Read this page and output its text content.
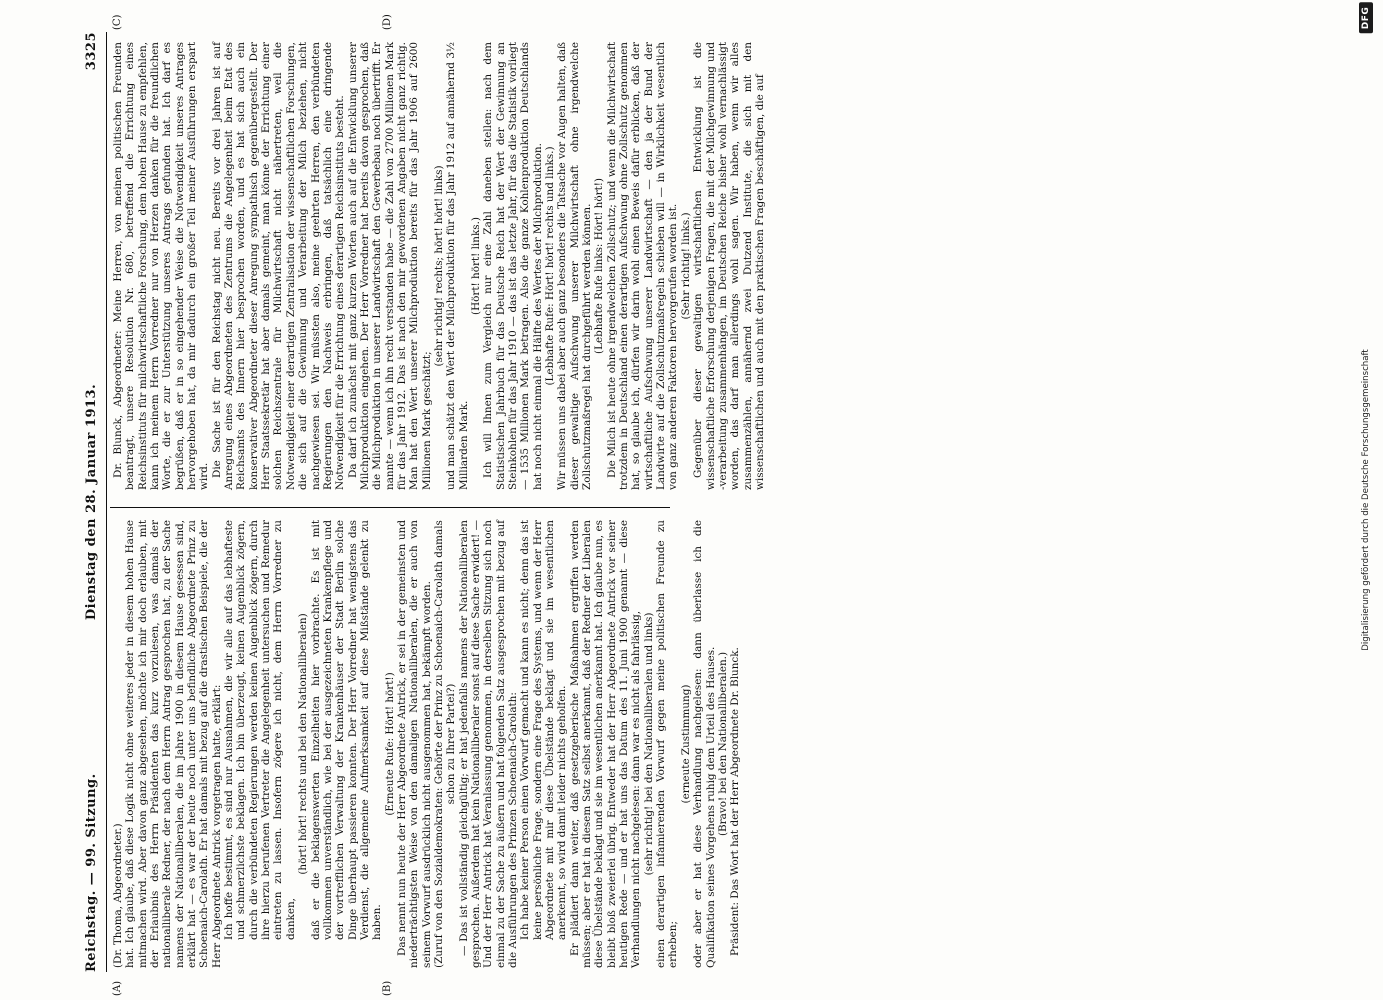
DFG
Digitalisierung gefördert durch die Deutsche Forschungsgemeinschaft
Reichstag. — 99. Sitzung.
Dienstag den 28. Januar 1913.
3325
(A)	(B)
(C)	(D)

(Dr. Thoma, Abgeordneter.) hat. Ich glaube, daß diese Logik nicht ohne weiteres jeder in diesem hohen Hause mitmachen wird. Aber davon ganz abgesehen, möchte ich mir doch erlauben, mit der Erlaubnis des Herrn Präsidenten das kurz vorzulesen, was damals der nationalliberale Redner, der nach dem Herrn Antrag gesprochen hat, zu der Sache namens der Nationalliberalen, die im Jahre 1900 in diesem Hause gesessen sind, erklärt hat — es war der heute noch unter uns befindliche Abgeordnete Prinz zu Schoenaich-Carolath. Er hat damals mit bezug auf die drastischen Beispiele, die der Herr Abgeordnete Antrick vorgetragen hatte, erklärt: Ich hoffe bestimmt, es sind nur Ausnahmen, die wir alle auf das lebhafteste und schmerzlichste beklagen. Ich bin überzeugt, keinen Augenblick zögern, durch die verbündeten Regierungen werden keinen Augenblick zögern, durch ihre hierzu berufenen Vertreter die Angelegenheit untersuchen und Remedur eintreten zu lassen. Insofern zögere ich nicht, dem Herrn Vorredner zu danken,

(hört! hört! rechts und bei den Nationalliberalen) daß er die beklagenswerten Einzelheiten hier vorbrachte. Es ist mit vollkommen unverständlich, wie bei der ausgezeichneten Krankenpflege und der vortrefflichen Verwaltung der Krankenhäuser der Stadt Berlin solche Dinge überhaupt passieren konnten. Der Herr Vorredner hat wenigstens das Verdienst, die allgemeine Aufmerksamkeit auf diese Mißstände gelenkt zu haben.

(Erneute Rufe: Hört! hört!) Das nennt nun heute der Herr Abgeordnete Antrick, er sei in der gemeinsten und niederträchtigsten Weise von den damaligen Nationalliberalen, die er auch von seinem Vorwurf ausdrücklich nicht ausgenommen hat, bekämpft worden. (Zuruf von den Sozialdemokraten: Gehörte der Prinz zu Schoenaich-Carolath damals schon zu Ihrer Partei?) — Das ist vollständig gleichgültig; er hat jedenfalls namens der Nationalliberalen gesprochen. Außerdem hat kein Nationalliberaler sonst auf diese Sache erwidert! — Und der Herr Antrick hat Veranlassung genommen, in derselben Sitzung sich noch einmal zu der Sache zu äußern und hat folgenden Satz ausgesprochen mit bezug auf die Ausführungen des Prinzen Schoenaich-Carolath: Ich habe keiner Person einen Vorwurf gemacht und kann es nicht; denn das ist keine persönliche Frage, sondern eine Frage des Systems, und wenn der Herr Abgeordnete mit mir diese Übelstände beklagt und sie im wesentlichen anerkennt, so wird damit leider nichts geholfen. Er plädiert dann weiter, daß gesetzgeberische Maßnahmen ergriffen werden müssen; aber er hat in diesem Satz selbst anerkannt, daß der Redner der Liberalen diese Übelstände beklagt und sie im wesentlichen anerkannt hat. Ich glaube nun, es bleibt bloß zweierlei übrig. Entweder hat der Herr Abgeordnete Antrick vor seiner heutigen Rede — und er hat uns das Datum des 11. Juni 1900 genannt — diese Verhandlungen nicht nachgelesen: dann war es nicht als fahrlässig, (sehr richtig! bei den Nationalliberalen und links) einen derartigen infamierenden Vorwurf gegen meine politischen Freunde zu erheben;

(erneute Zustimmung) oder aber er hat diese Verhandlung nachgelesen: dann überlasse ich die Qualifikation seines Vorgehens ruhig dem Urteil des Hauses. (Bravo! bei den Nationalliberalen.) Präsident: Das Wort hat der Herr Abgeordnete Dr. Blunck.

Dr. Blunck, Abgeordneter: Meine Herren, von meinen politischen Freunden beantragt, unsere Resolution Nr. 680, betreffend die Errichtung eines Reichsinstituts für milchwirtschaftliche Forschung, dem hohen Hause zu empfehlen, kann ich meinem Herrn Vorredner nur von Herzen danken für die freundlichen Worte, die er zur Unterstützung unseres Antrags gefunden hat. Ich darf es begrüßen, daß er in so eingehender Weise die Notwendigkeit unseres Antrages hervorgehoben hat, da mir dadurch ein großer Teil meiner Ausführungen erspart wird. Die Sache ist für den Reichstag nicht neu. Bereits vor drei Jahren ist auf Anregung eines Abgeordneten des Zentrums die Angelegenheit beim Etat des Reichsamts des Innern hier besprochen worden, und es hat sich auch ein konservativer Abgeordneter dieser Anregung sympathisch gegenübergestellt. Der Herr Staatssekretär hat aber damals gemeint, man könne der Errichtung einer solchen Reichszentrale für Milchwirtschaft nicht nähertreten, weil die Notwendigkeit einer derartigen Zentralisation der wissenschaftlichen Forschungen, die sich auf die Gewinnung und Verarbeitung der Milch beziehen, nicht nachgewiesen sei. Wir müssten also, meine geehrten Herren, den verbündeten Regierungen den Nachweis erbringen, daß tatsächlich eine dringende Notwendigkeit für die Errichtung eines derartigen Reichsinstituts besteht. Da darf ich zunächst mit ganz kurzen Worten auch auf die Entwicklung unserer Milchproduktion eingehen. Der Herr Vorredner hat bereits davon gesprochen, daß die Milchproduktion in unserer Landwirtschaft den Gewerbebau noch übertrifft. Er nannte — wenn ich ihn recht verstanden habe — die Zahl von 2700 Millionen Mark für das Jahr 1912. Das ist nach den mir gewordenen Angaben nicht ganz richtig. Man hat den Wert unserer Milchproduktion bereits für das Jahr 1906 auf 2600 Millionen Mark geschätzt;

(sehr richtig! rechts; hört! hört! links) und man schätzt den Wert der Milchproduktion für das Jahr 1912 auf annähernd 3½ Milliarden Mark.

(Hört! hört! links.) Ich will Ihnen zum Vergleich nur eine Zahl daneben stellen: nach dem Statistischen Jahrbuch für das Deutsche Reich hat der Wert der Gewinnung an Steinkohlen für das Jahr 1910 — das ist das letzte Jahr, für das die Statistik vorliegt — 1535 Millionen Mark betragen. Also die ganze Kohlenproduktion Deutschlands hat noch nicht einmal die Hälfte des Wertes der Milchproduktion. (Lebhafte Rufe: Hört! hört! rechts und links.) Wir müssen uns dabei aber auch ganz besonders die Tatsache vor Augen halten, daß dieser gewaltige Aufschwung unserer Milchwirtschaft ohne irgendwelche Zollschutzmaßregel hat durchgeführt werden können. (Lebhafte Rufe links: Hört! hört!) Die Milch ist heute ohne irgendwelchen Zollschutz; und wenn die Milchwirtschaft trotzdem in Deutschland einen derartigen Aufschwung ohne Zollschutz genommen hat, so glaube ich, dürfen wir darin wohl einen Beweis dafür erblicken, daß der wirtschaftliche Aufschwung unserer Landwirtschaft — den ja der Bund der Landwirte auf die Zollschutzmaßregeln schieben will — in Wirklichkeit wesentlich von ganz anderen Faktoren hervorgerufen worden ist. (Sehr richtig! links.) Gegenüber dieser gewaltigen wirtschaftlichen Entwicklung ist die wissenschaftliche Erforschung derjenigen Fragen, die mit der Milchgewinnung und -verarbeitung zusammenhängen, im Deutschen Reiche bisher wohl vernachlässigt worden, das darf man allerdings wohl sagen. Wir haben, wenn wir alles zusammenzählen, annähernd zwei Dutzend Institute, die sich mit den wissenschaftlichen und auch mit den praktischen Fragen beschäftigen, die auf
